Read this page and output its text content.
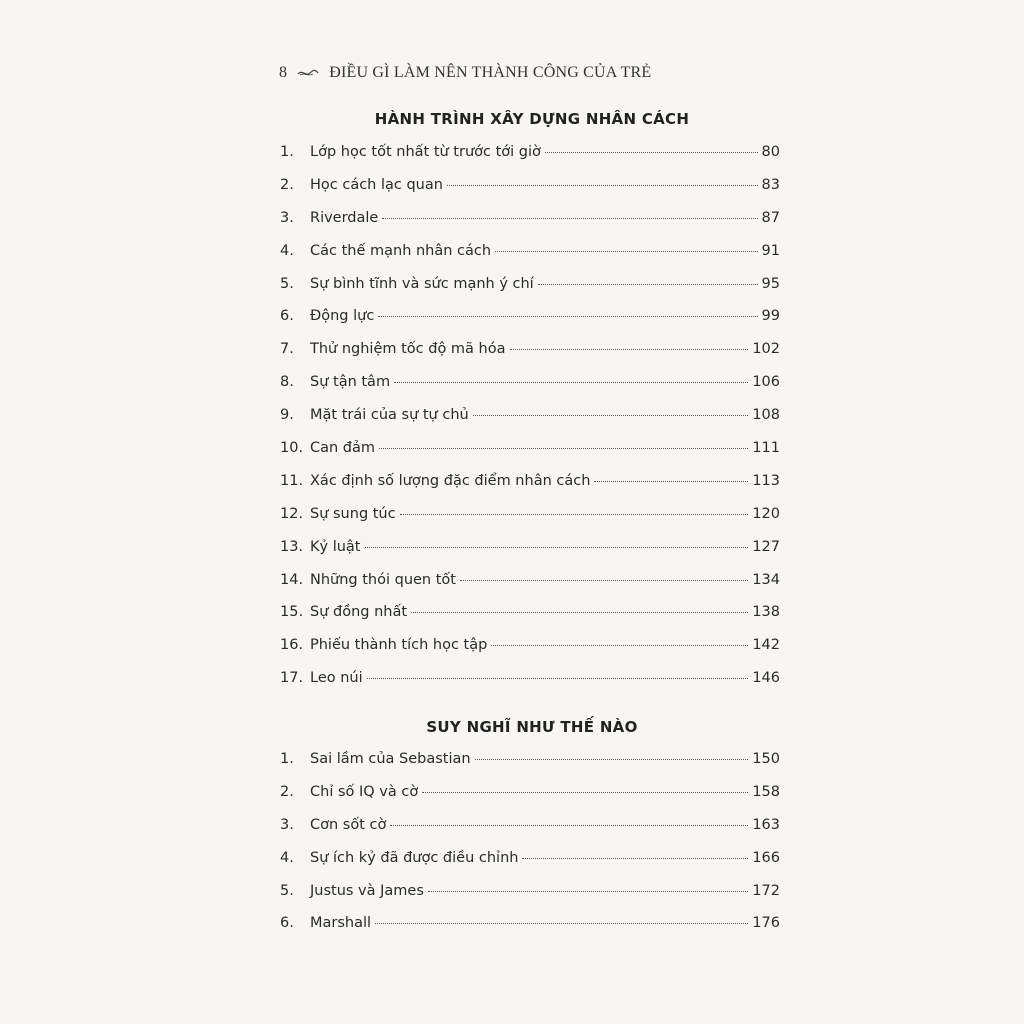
8	ĐIỀU GÌ LÀM NÊN THÀNH CÔNG CỦA TRẺ
HÀNH TRÌNH XÂY DỰNG NHÂN CÁCH
1.	Lớp học tốt nhất từ trước tới giờ	80
2.	Học cách lạc quan	83
3.	Riverdale	87
4.	Các thế mạnh nhân cách	91
5.	Sự bình tĩnh và sức mạnh ý chí	95
6.	Động lực	99
7.	Thử nghiệm tốc độ mã hóa	102
8.	Sự tận tâm	106
9.	Mặt trái của sự tự chủ	108
10. Can đảm	111
11. Xác định số lượng đặc điểm nhân cách	113
12. Sự sung túc	120
13. Kỷ luật	127
14. Những thói quen tốt	134
15. Sự đồng nhất	138
16. Phiếu thành tích học tập	142
17. Leo núi	146
SUY NGHĨ NHƯ THẾ NÀO
1.	Sai lầm của Sebastian	150
2.	Chỉ số IQ và cờ	158
3.	Cơn sốt cờ	163
4.	Sự ích kỷ đã được điều chỉnh	166
5.	Justus và James	172
6.	Marshall	176
